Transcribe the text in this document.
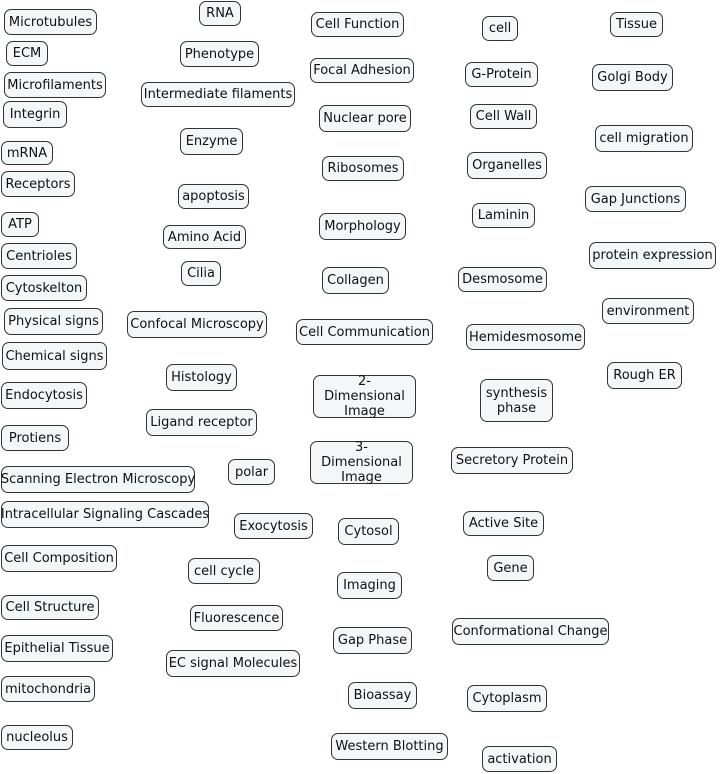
Microtubules
RNA
Cell Function	cell	Tissue
ECM	Phenotype
Focal Adhesion	G-Protein	Golgi Body
Microfilaments
Intermediate filaments
Integrin	Nuclear pore	Cell Wall
Enzyme	cell migration
mRNA
Ribosomes	Organelles
Receptors
apoptosis	Gap Junctions
Laminin
ATP	Morphology
Amino Acid
Centrioles	protein expression
Cilia	Collagen	Desmosome
Cytoskelton
environment
Physical signs	Confocal Microscopy	Cell Communication	Hemidesmosome
Chemical signs
Rough ER
Histology	2-Dimensional
Image
synthesis
phase
Endocytosis
Ligand receptor
Protiens
3-Dimensional
Image
Secretory Protein
Scanning Electron Microscopy	polar
Intracellular Signaling Cascades
Exocytosis	Active Site
Cytosol
Cell Composition
Gene
cell cycle
Imaging
Cell Structure
Fluorescence
Conformational Change
Gap Phase
Epithelial Tissue
EC signal Molecules
mitochondria	Bioassay	Cytoplasm
nucleolus
Western Blotting
activation
